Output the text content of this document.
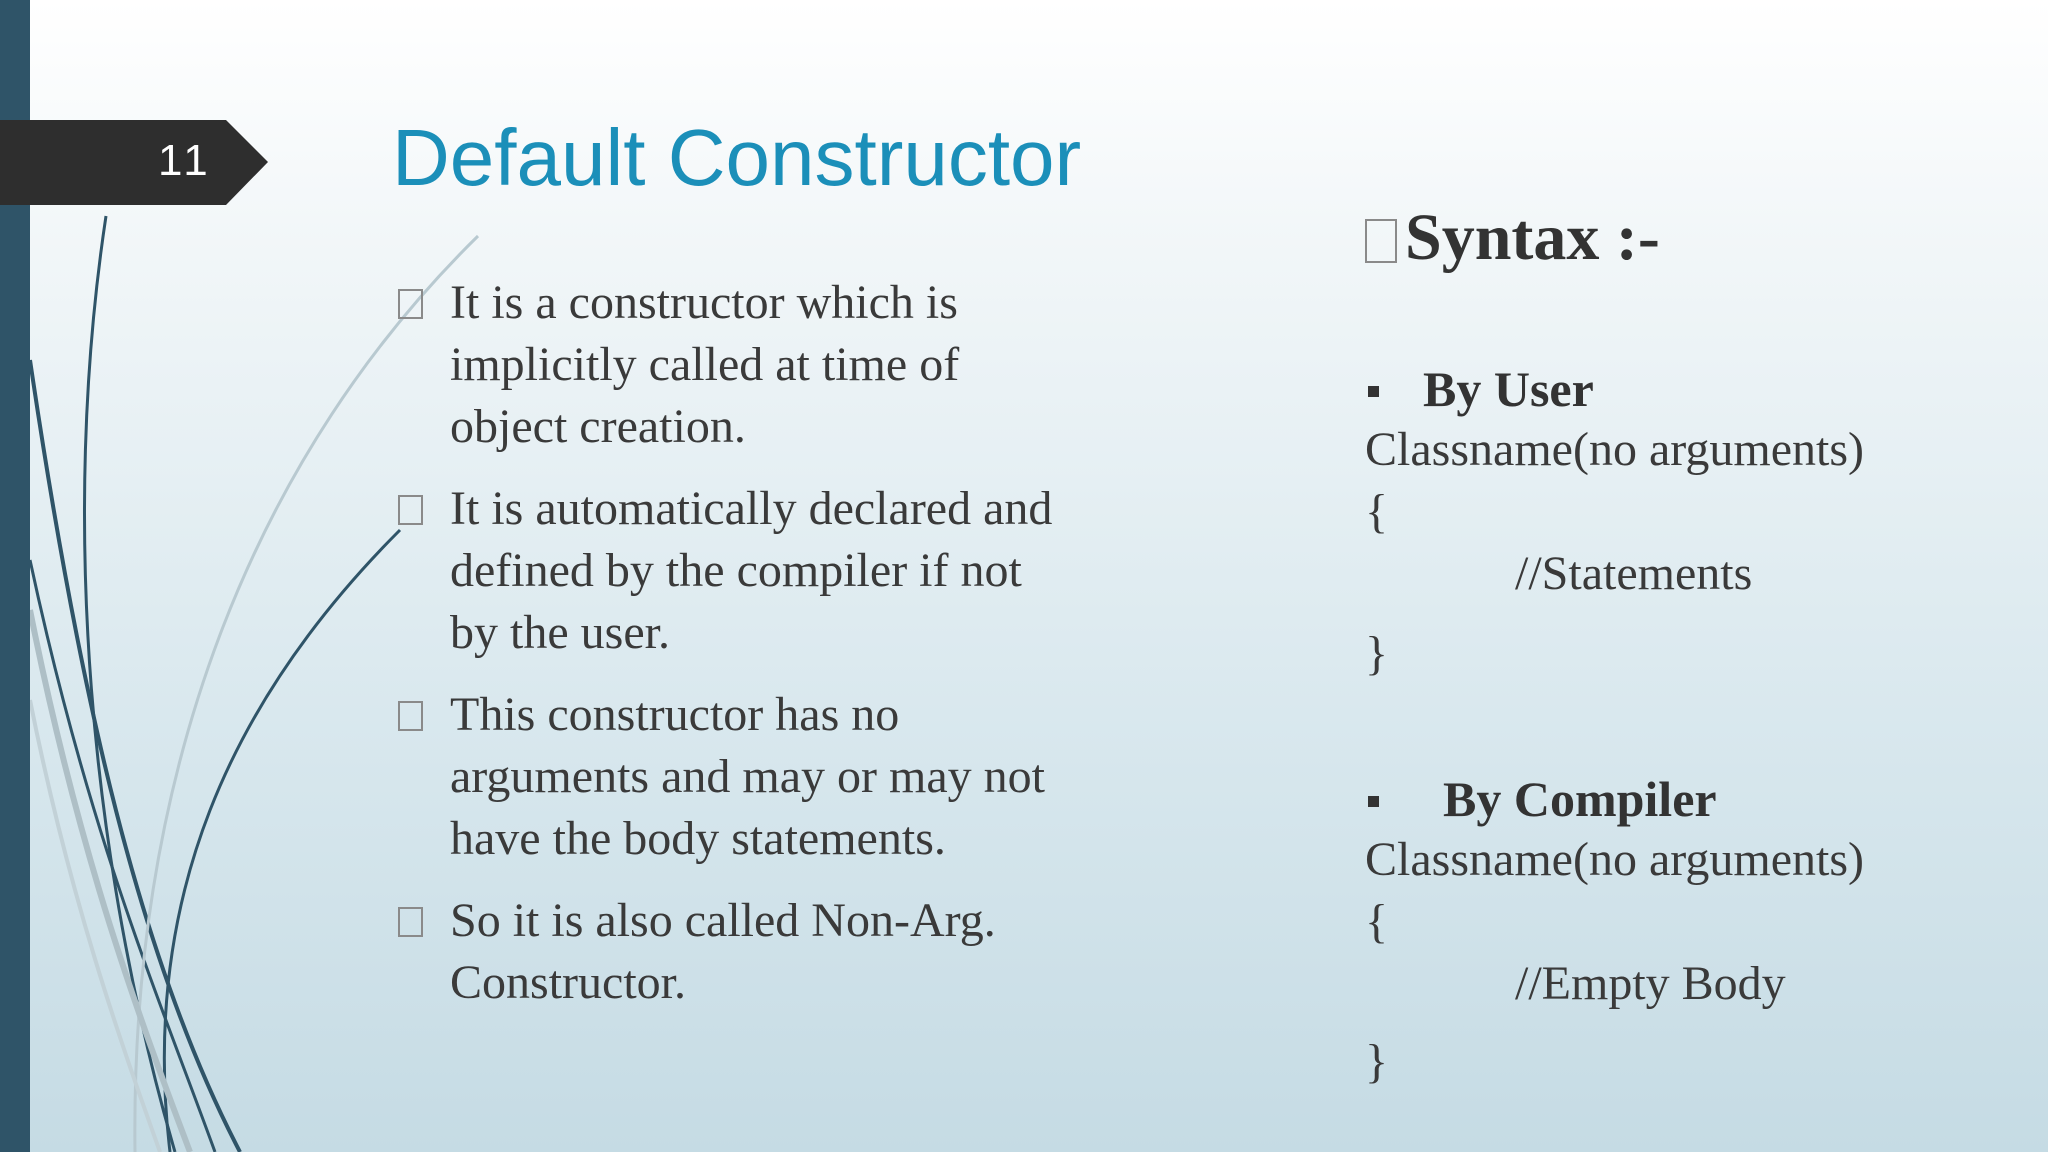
11 Default Constructor
It is a constructor which is implicitly called at time of object creation.
It is automatically declared and defined by the compiler if not by the user.
This constructor has no arguments and may or may not have the body statements.
So it is also called Non-Arg. Constructor.
Syntax :-
By User
Classname(no arguments)
{
//Statements
}
By Compiler
Classname(no arguments)
{
//Empty Body
}
